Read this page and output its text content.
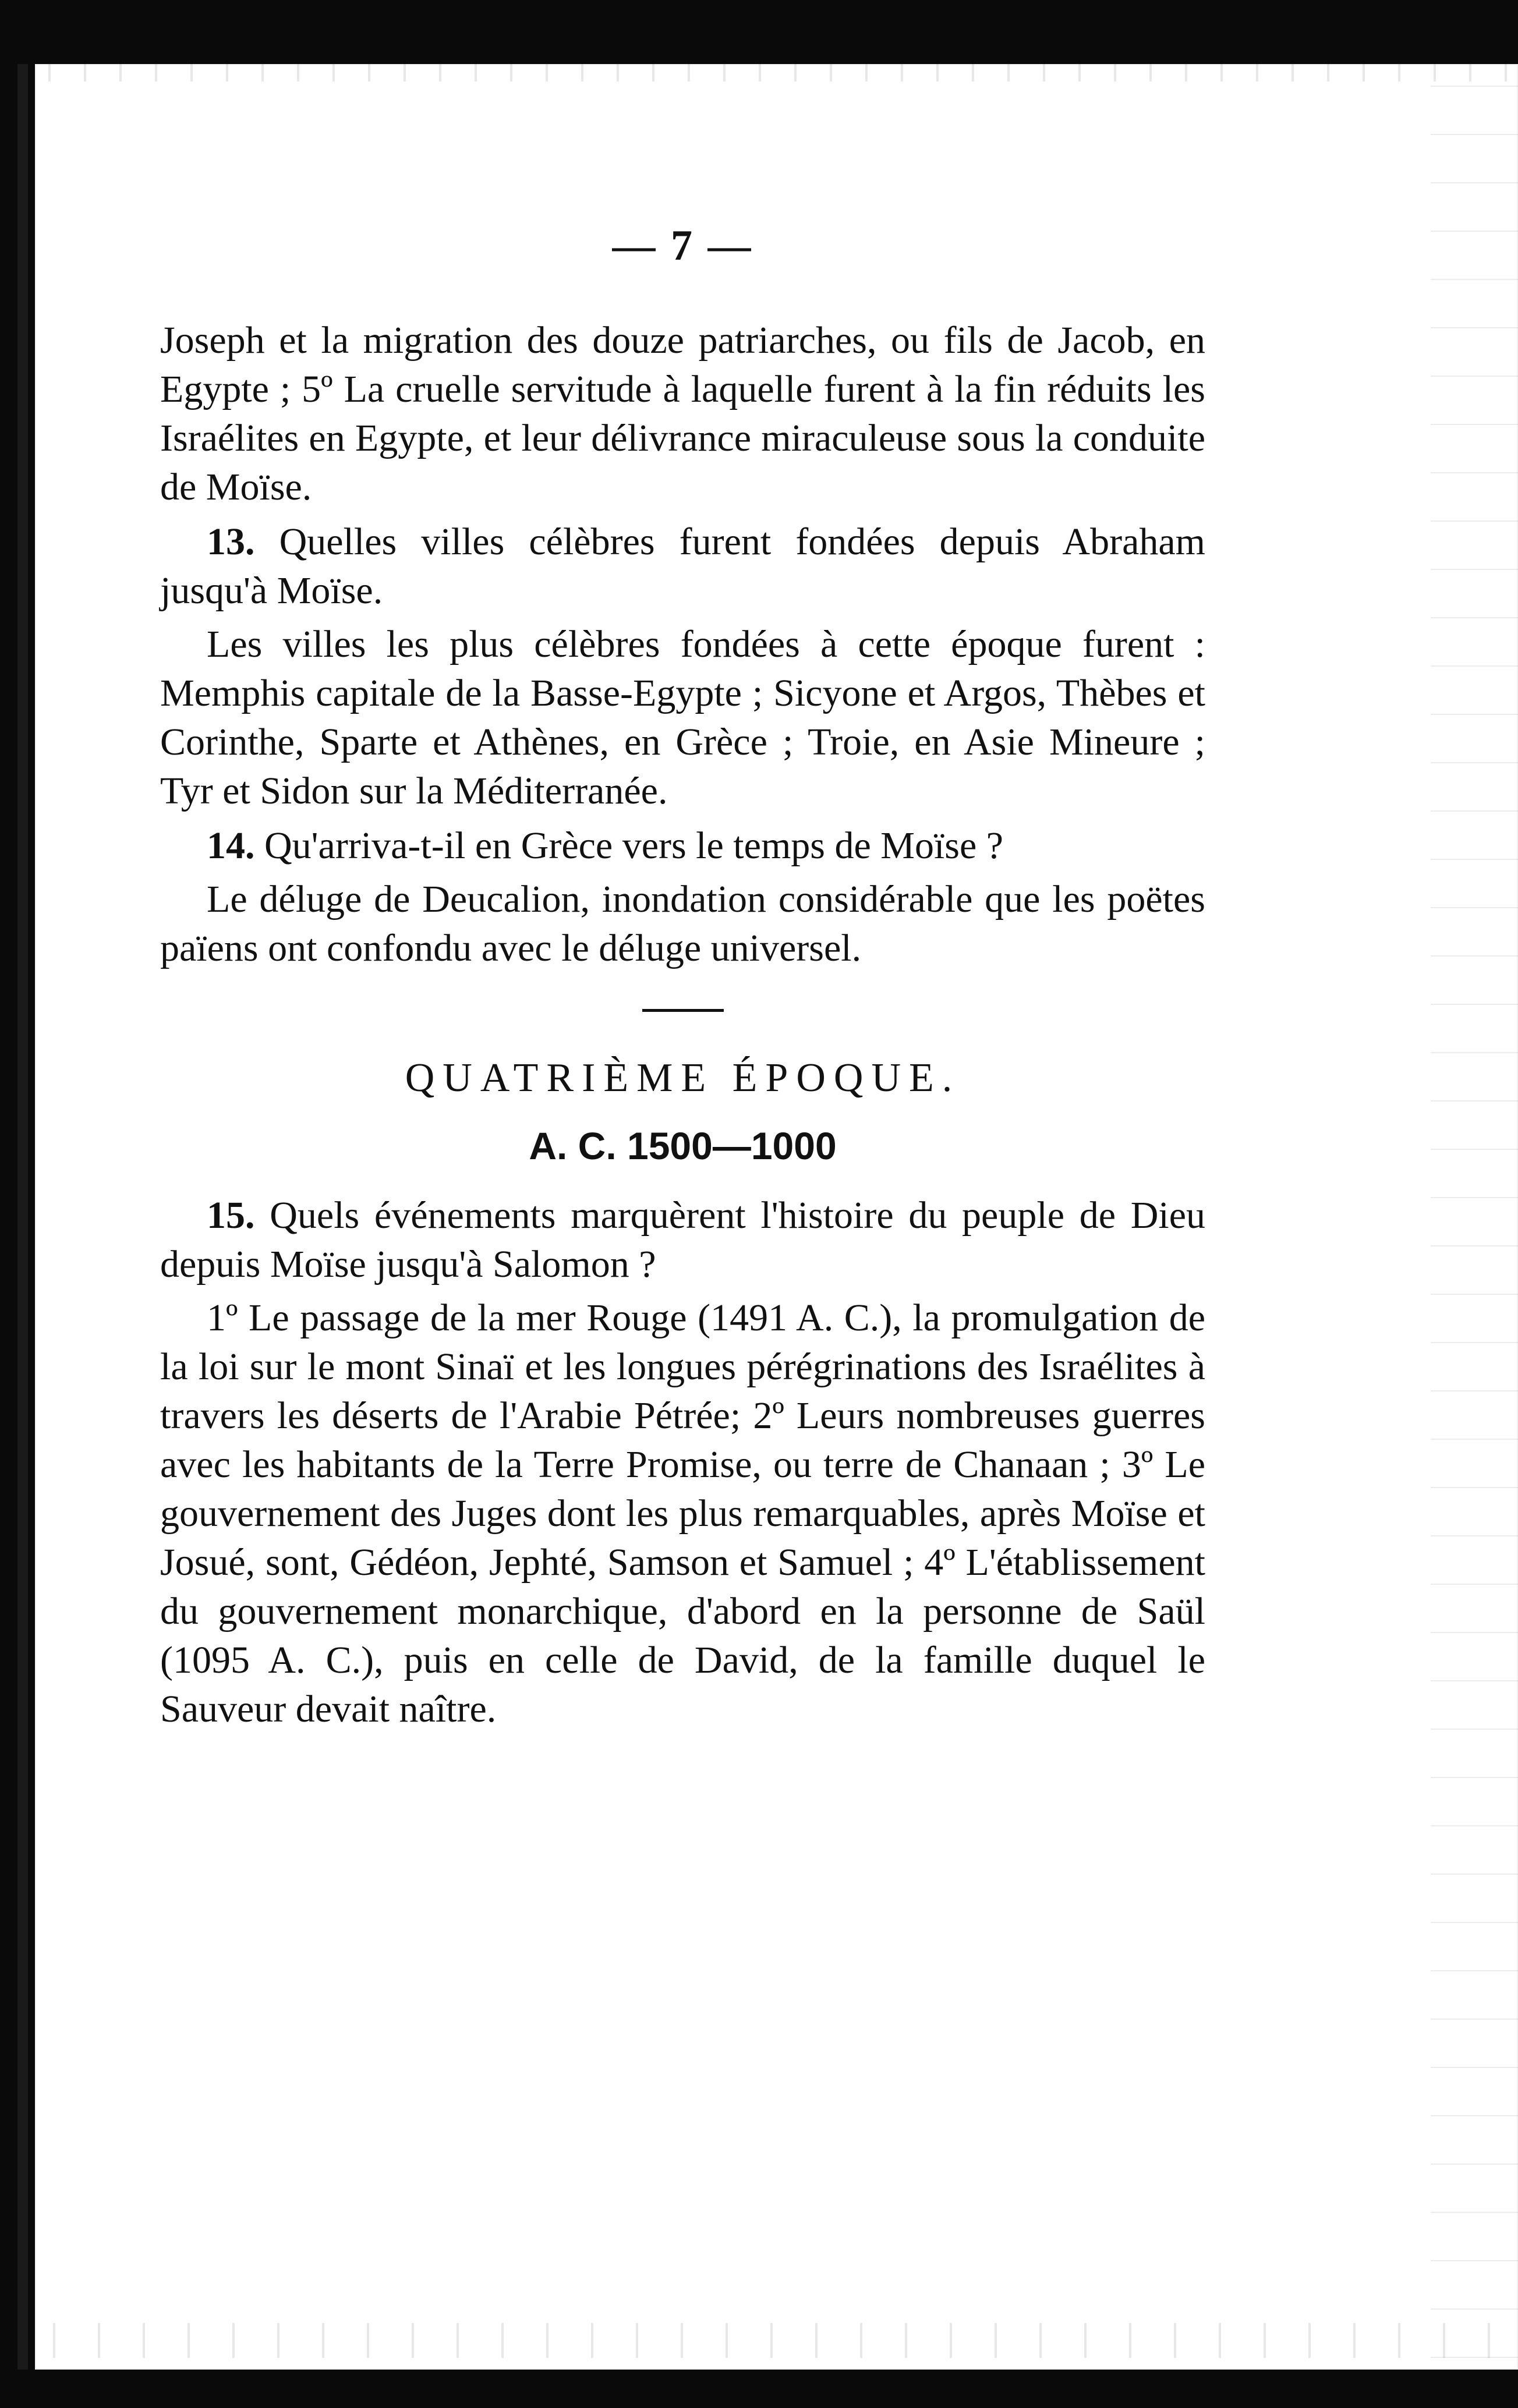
— 7 —

Joseph et la migration des douze patriarches, ou fils de Jacob, en Egypte ; 5º La cruelle servitude à laquelle furent à la fin réduits les Israélites en Egypte, et leur délivrance miraculeuse sous la conduite de Moïse.

13. Quelles villes célèbres furent fondées depuis Abraham jusqu'à Moïse.

Les villes les plus célèbres fondées à cette époque furent : Memphis capitale de la Basse-Egypte ; Sicyone et Argos, Thèbes et Corinthe, Sparte et Athènes, en Grèce ; Troie, en Asie Mineure ; Tyr et Sidon sur la Méditerranée.

14. Qu'arriva-t-il en Grèce vers le temps de Moïse ?

Le déluge de Deucalion, inondation considérable que les poëtes païens ont confondu avec le déluge universel.

QUATRIÈME ÉPOQUE.
A. C. 1500—1000

15. Quels événements marquèrent l'histoire du peuple de Dieu depuis Moïse jusqu'à Salomon ?

1º Le passage de la mer Rouge (1491 A. C.), la promulgation de la loi sur le mont Sinaï et les longues pérégrinations des Israélites à travers les déserts de l'Arabie Pétrée; 2º Leurs nombreuses guerres avec les habitants de la Terre Promise, ou terre de Chanaan ; 3º Le gouvernement des Juges dont les plus remarquables, après Moïse et Josué, sont, Gédéon, Jephté, Samson et Samuel ; 4º L'établissement du gouvernement monarchique, d'abord en la personne de Saül (1095 A. C.), puis en celle de David, de la famille duquel le Sauveur devait naître.
